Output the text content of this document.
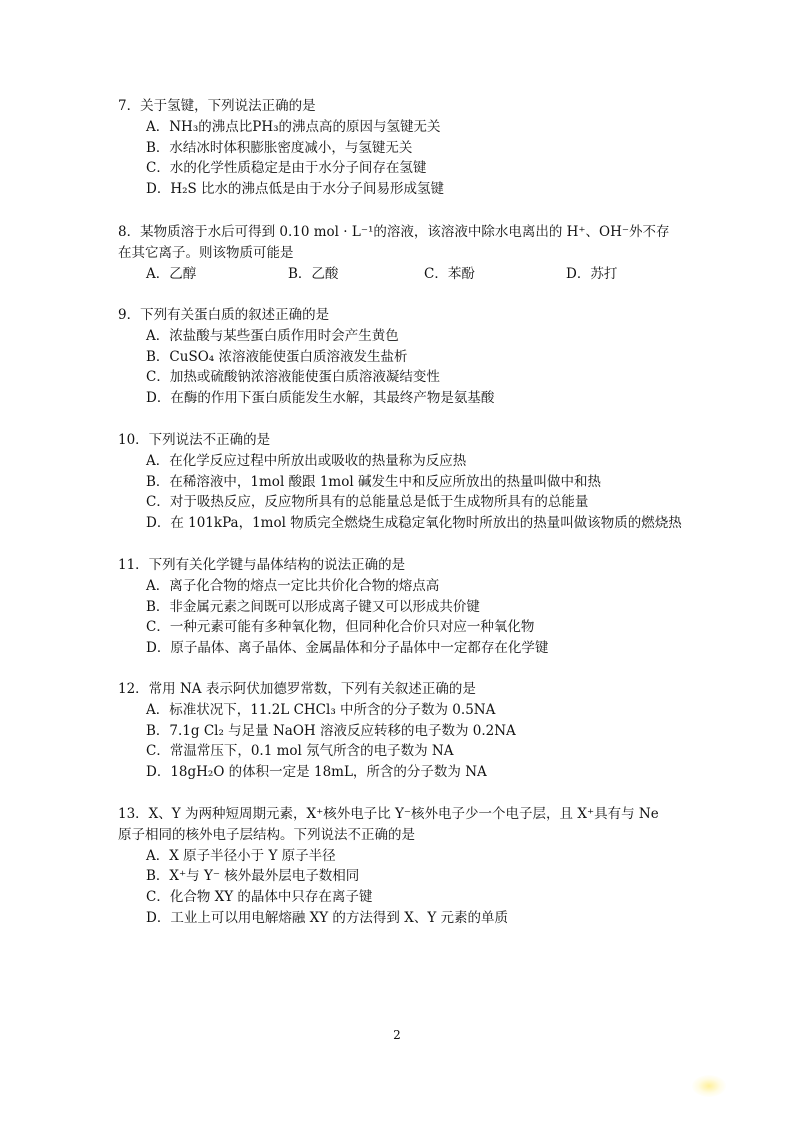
7．关于氢键，下列说法正确的是
A．NH₃的沸点比PH₃的沸点高的原因与氢键无关
B．水结冰时体积膨胀密度减小，与氢键无关
C．水的化学性质稳定是由于水分子间存在氢键
D．H₂S 比水的沸点低是由于水分子间易形成氢键
8．某物质溶于水后可得到 0.10 mol · L⁻¹的溶液，该溶液中除水电离出的 H⁺、OH⁻外不存
在其它离子。则该物质可能是
A．乙醇	B．乙酸	C．苯酚	D．苏打
9．下列有关蛋白质的叙述正确的是
A．浓盐酸与某些蛋白质作用时会产生黄色
B．CuSO₄ 浓溶液能使蛋白质溶液发生盐析
C．加热或硫酸钠浓溶液能使蛋白质溶液凝结变性
D．在酶的作用下蛋白质能发生水解，其最终产物是氨基酸
10．下列说法不正确的是
A．在化学反应过程中所放出或吸收的热量称为反应热
B．在稀溶液中，1mol 酸跟 1mol 碱发生中和反应所放出的热量叫做中和热
C．对于吸热反应，反应物所具有的总能量总是低于生成物所具有的总能量
D．在 101kPa，1mol 物质完全燃烧生成稳定氧化物时所放出的热量叫做该物质的燃烧热
11．下列有关化学键与晶体结构的说法正确的是
A．离子化合物的熔点一定比共价化合物的熔点高
B．非金属元素之间既可以形成离子键又可以形成共价键
C．一种元素可能有多种氧化物，但同种化合价只对应一种氧化物
D．原子晶体、离子晶体、金属晶体和分子晶体中一定都存在化学键
12．常用 NA 表示阿伏加德罗常数，下列有关叙述正确的是
A．标准状况下，11.2L CHCl₃ 中所含的分子数为 0.5NA
B．7.1g Cl₂ 与足量 NaOH 溶液反应转移的电子数为 0.2NA
C．常温常压下，0.1 mol 氖气所含的电子数为 NA
D．18gH₂O 的体积一定是 18mL，所含的分子数为 NA
13．X、Y 为两种短周期元素，X⁺核外电子比 Y⁻核外电子少一个电子层，且 X⁺具有与 Ne
原子相同的核外电子层结构。下列说法不正确的是
A．X 原子半径小于 Y 原子半径
B．X⁺与 Y⁻ 核外最外层电子数相同
C．化合物 XY 的晶体中只存在离子键
D．工业上可以用电解熔融 XY 的方法得到 X、Y 元素的单质
2
